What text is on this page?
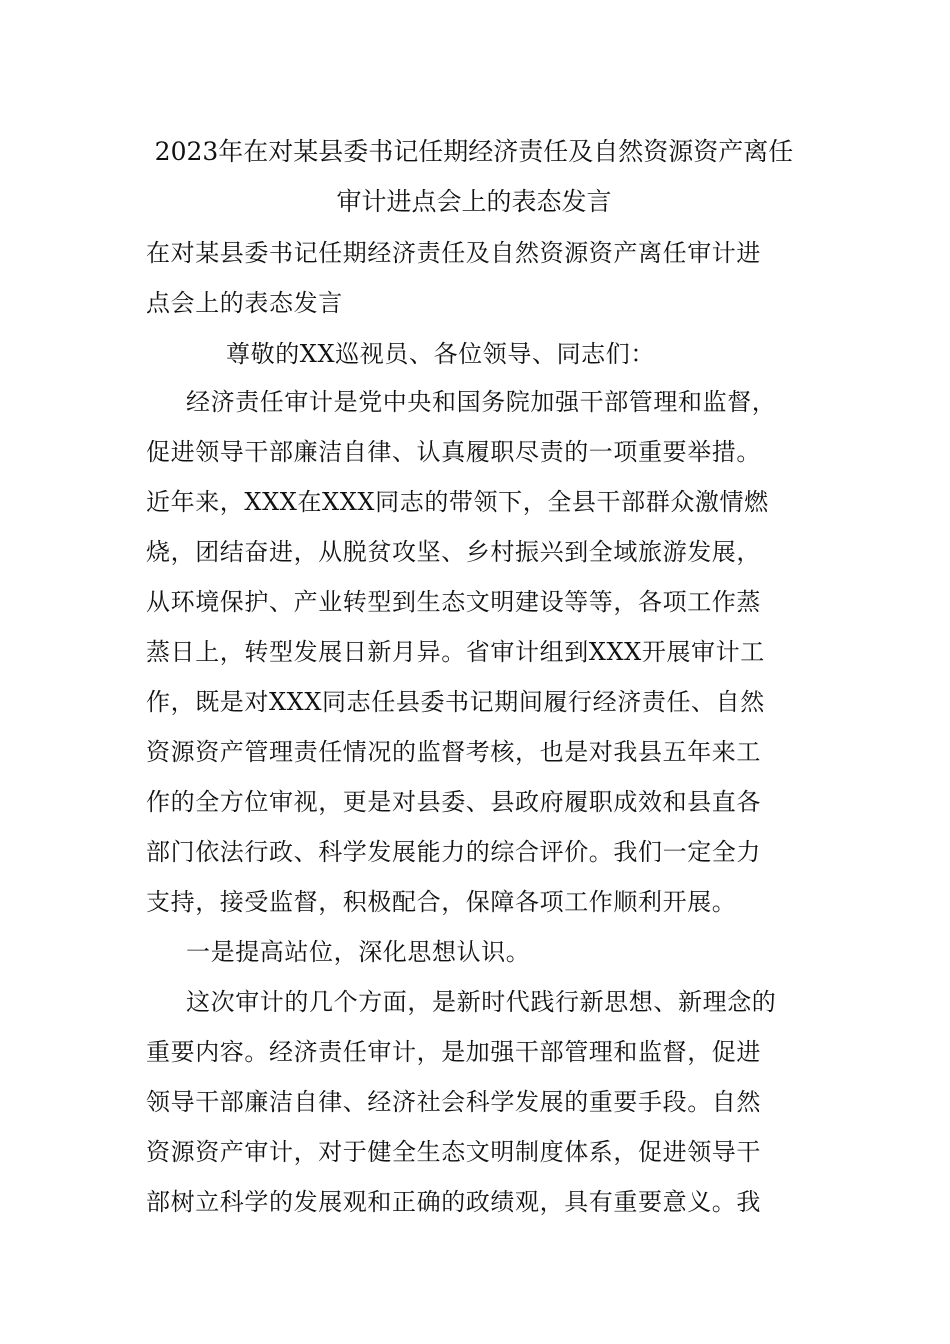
2023年在对某县委书记任期经济责任及自然资源资产离任
审计进点会上的表态发言
在对某县委书记任期经济责任及自然资源资产离任审计进
点会上的表态发言
尊敬的XX巡视员、各位领导、同志们：
经济责任审计是党中央和国务院加强干部管理和监督，
促进领导干部廉洁自律、认真履职尽责的一项重要举措。
近年来，XXX在XXX同志的带领下，全县干部群众激情燃
烧，团结奋进，从脱贫攻坚、乡村振兴到全域旅游发展，
从环境保护、产业转型到生态文明建设等等，各项工作蒸
蒸日上，转型发展日新月异。省审计组到XXX开展审计工
作，既是对XXX同志任县委书记期间履行经济责任、自然
资源资产管理责任情况的监督考核，也是对我县五年来工
作的全方位审视，更是对县委、县政府履职成效和县直各
部门依法行政、科学发展能力的综合评价。我们一定全力
支持，接受监督，积极配合，保障各项工作顺利开展。
一是提高站位，深化思想认识。
这次审计的几个方面，是新时代践行新思想、新理念的
重要内容。经济责任审计，是加强干部管理和监督，促进
领导干部廉洁自律、经济社会科学发展的重要手段。自然
资源资产审计，对于健全生态文明制度体系，促进领导干
部树立科学的发展观和正确的政绩观，具有重要意义。我
